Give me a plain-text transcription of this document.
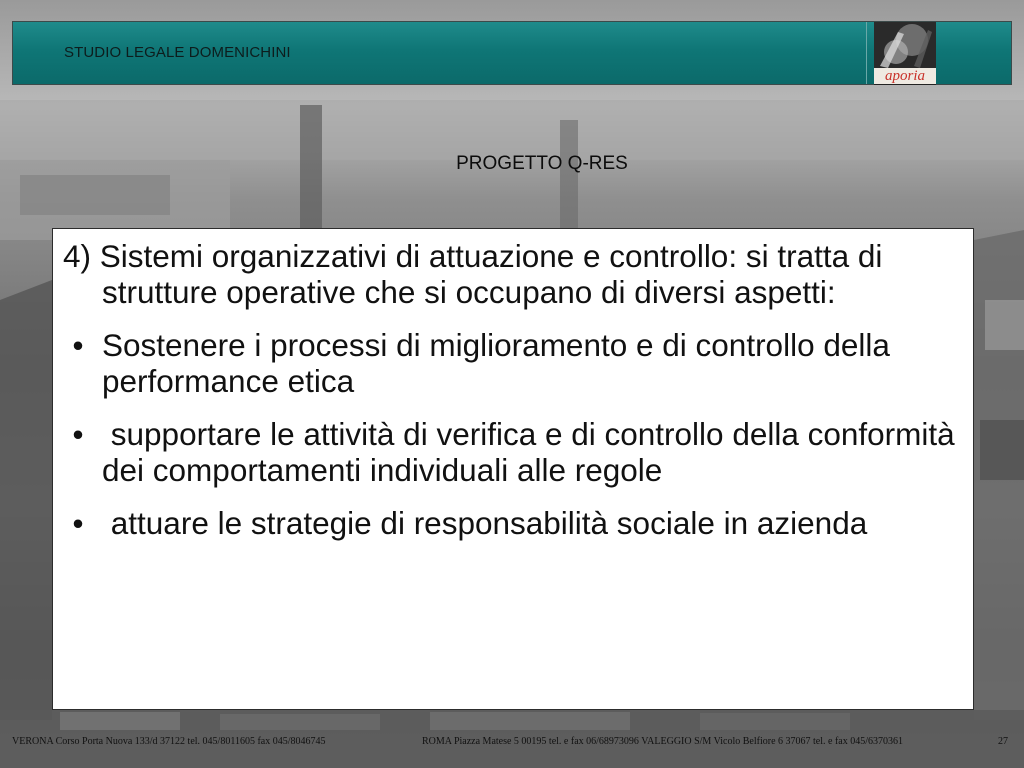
STUDIO LEGALE DOMENICHINI
aporia
PROGETTO Q-RES
4) Sistemi organizzativi di attuazione e controllo: si tratta di strutture operative che si occupano di diversi aspetti:
• Sostenere i processi di miglioramento e di controllo della performance etica
• supportare le attività di verifica e di controllo della conformità dei comportamenti individuali alle regole
• attuare le strategie di responsabilità sociale in azienda
VERONA Corso Porta Nuova 133/d 37122 tel. 045/8011605 fax 045/8046745	ROMA Piazza Matese 5 00195 tel. e fax 06/68973096 VALEGGIO S/M Vicolo Belfiore 6 37067 tel. e fax 045/6370361	27
